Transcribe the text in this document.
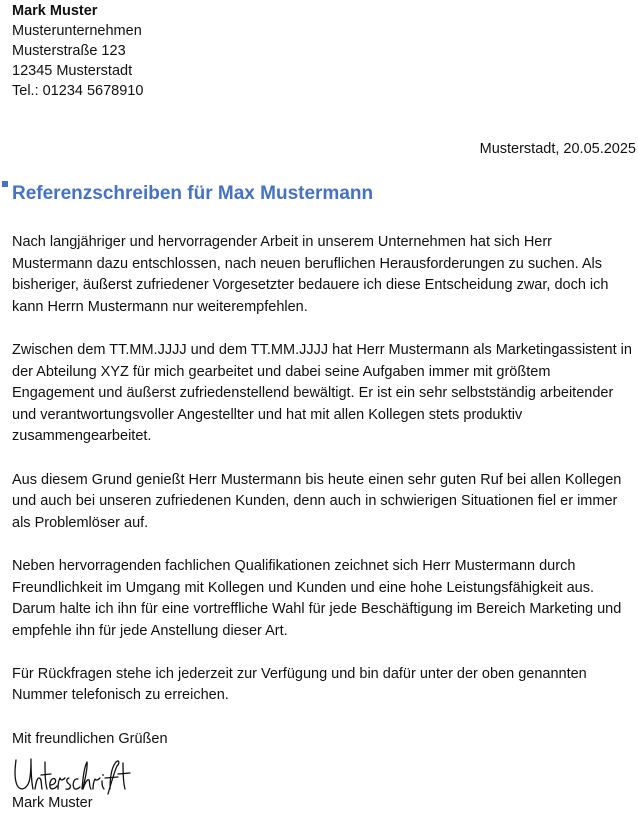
Mark Muster
Musterunternehmen
Musterstraße 123
12345 Musterstadt
Tel.: 01234 5678910
Musterstadt, 20.05.2025
Referenzschreiben für Max Mustermann

Nach langjähriger und hervorragender Arbeit in unserem Unternehmen hat sich Herr Mustermann dazu entschlossen, nach neuen beruflichen Herausforderungen zu suchen. Als bisheriger, äußerst zufriedener Vorgesetzter bedauere ich diese Entscheidung zwar, doch ich kann Herrn Mustermann nur weiterempfehlen.

Zwischen dem TT.MM.JJJJ und dem TT.MM.JJJJ hat Herr Mustermann als Marketingassistent in der Abteilung XYZ für mich gearbeitet und dabei seine Aufgaben immer mit größtem Engagement und äußerst zufriedenstellend bewältigt. Er ist ein sehr selbstständig arbeitender und verantwortungsvoller Angestellter und hat mit allen Kollegen stets produktiv zusammengearbeitet.

Aus diesem Grund genießt Herr Mustermann bis heute einen sehr guten Ruf bei allen Kollegen und auch bei unseren zufriedenen Kunden, denn auch in schwierigen Situationen fiel er immer als Problemlöser auf.

Neben hervorragenden fachlichen Qualifikationen zeichnet sich Herr Mustermann durch Freundlichkeit im Umgang mit Kollegen und Kunden und eine hohe Leistungsfähigkeit aus. Darum halte ich ihn für eine vortreffliche Wahl für jede Beschäftigung im Bereich Marketing und empfehle ihn für jede Anstellung dieser Art.

Für Rückfragen stehe ich jederzeit zur Verfügung und bin dafür unter der oben genannten Nummer telefonisch zu erreichen.

Mit freundlichen Grüßen
Mark Muster
